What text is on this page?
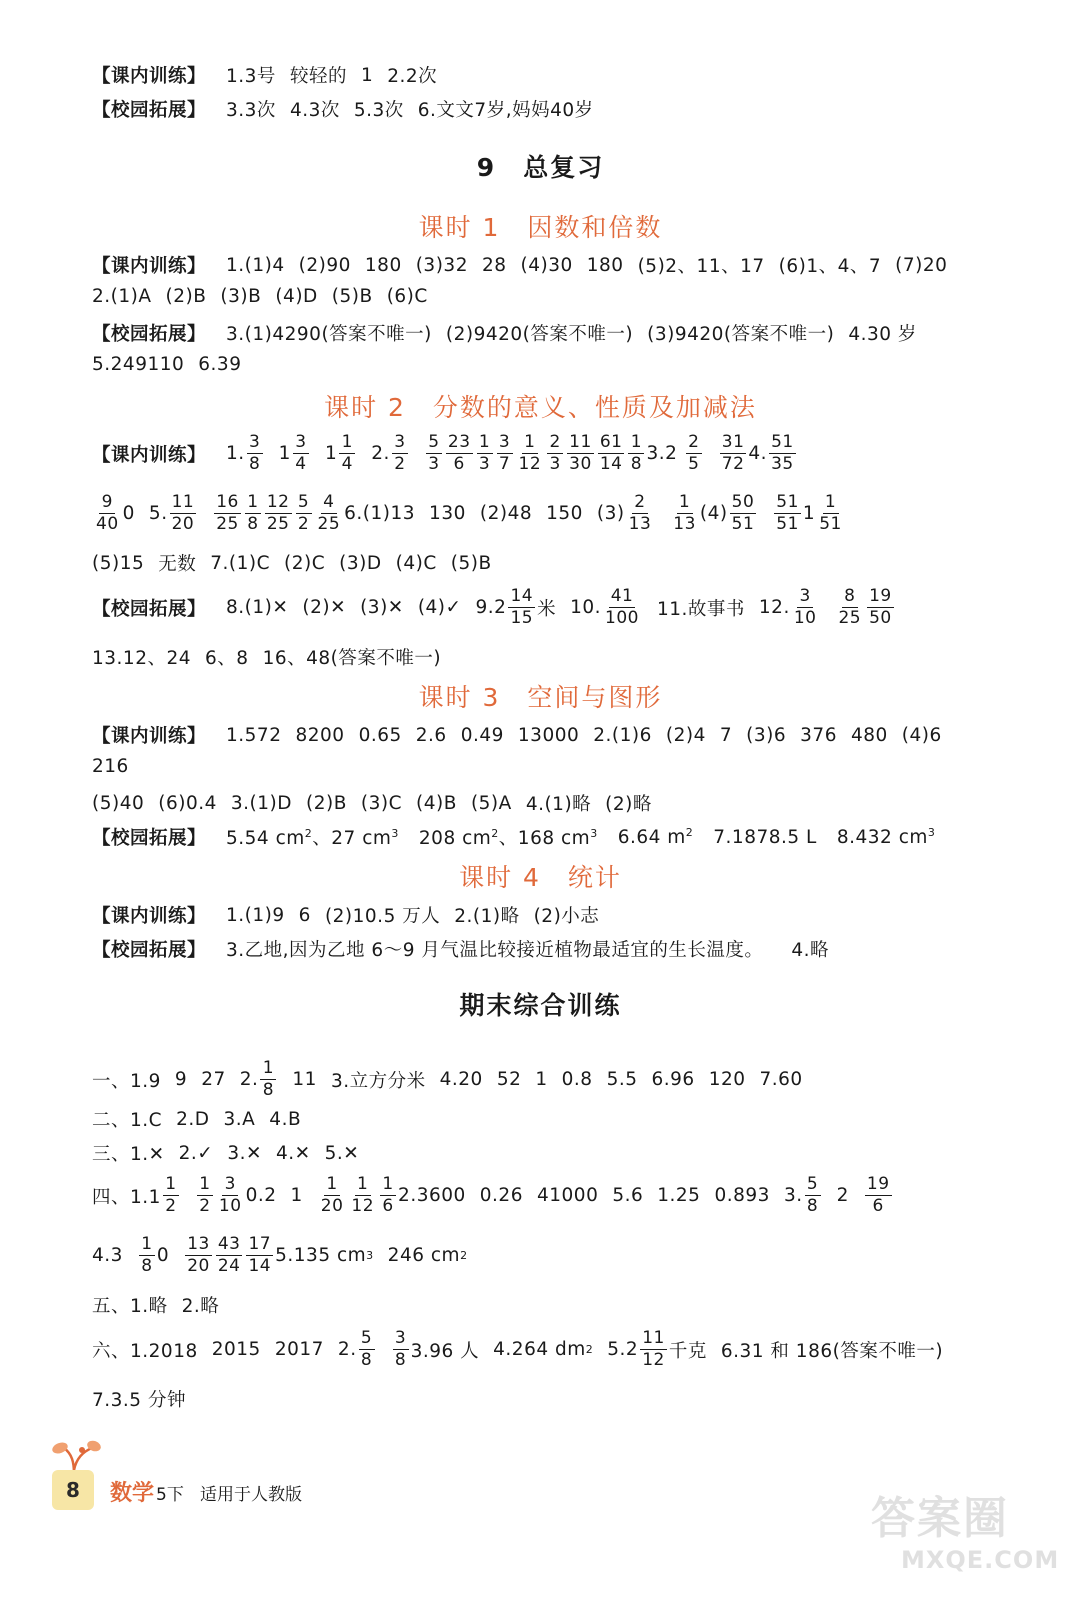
【课内训练】 1.3号 较轻的 1 2.2次
【校园拓展】 3.3次 4.3次 5.3次 6.文文7岁,妈妈40岁
9　总复习
课时 1　因数和倍数
【课内训练】 1.(1)4 (2)90 180 (3)32 28 (4)30 180 (5)2、11、17 (6)1、4、7 (7)20
2.(1)A (2)B (3)B (4)D (5)B (6)C
【校园拓展】 3.(1)4290(答案不唯一) (2)9420(答案不唯一) (3)9420(答案不唯一) 4.30 岁
5.249110 6.39
课时 2　分数的意义、性质及加减法
【课内训练】 1. $\frac{3}{8} 1 \frac{3}{4} 1 \frac{1}{4} 2$. $\frac{3}{2} \frac{5}{3} \frac{23}{6} \frac{1}{3} \frac{3}{7} \frac{1}{12} \frac{2}{3} \frac{11}{30} \frac{61}{14} \frac{1}{8} 3.2$
$\frac{2}{5} \frac{31}{72} 4$. $\frac{51}{35}$
$\frac{9}{40} 0$ 5. $\frac{11}{20} \frac{16}{25} \frac{1}{8} \frac{12}{25} \frac{5}{2} \frac{4}{25} 6.(1)13$ 130 (2)48 150 $(3) \frac{2}{13} \frac{1}{13} (4) \frac{50}{51} \frac{51}{51} 1 \frac{1}{51}$
(5)15 无数 7.(1)C (2)C (3)D (4)C (5)B
【校园拓展】 8.(1)✕ (2)✕ (3)✕ (4)✓ $9.2 \frac{14}{15}$ 米 10. $\frac{41}{100} 11$.故事书 12. $\frac{3}{10} \frac{8}{25} \frac{19}{50}$
13.12、24 6、8 16、48(答案不唯一)
课时 3　空间与图形
【课内训练】 1.572 8200 0.65 2.6 0.49 13000 2.(1)6 (2)4 7 (3)6 376 480 (4)6
216
(5)40 (6)0.4 3.(1)D (2)B (3)C (4)B (5)A 4.(1)略 (2)略
【校园拓展】 5.54 $cm^2$、27 $cm^3$ 208 $cm^2$、168 $cm^3$ 6.64 $m^2$ 7.1878.5 L 8.432 $cm^3$
课时 4　统计
【课内训练】 1.(1)9 6 (2)10.5 万人 2.(1)略 (2)小志
【校园拓展】 3.乙地,因为乙地 6～9 月气温比较接近植物最适宜的生长温度。 4.略
期末综合训练
一、1.9 9 27 2. $\frac{1}{8} 11$ 3.立方分米 4.20 52 1 0.8 5.5 6.96 120 7.60
二、1.C 2.D 3.A 4.B
三、1.✕ 2.✓ 3.✕ 4.✕ 5.✕
四、$1.1 \frac{1}{2} \frac{1}{2} \frac{3}{10} 0.2$ $1 \frac{1}{20} \frac{1}{12} \frac{1}{6} 2.3600$ 0.26 41000 5.6 1.25 0.893 3. $\frac{5}{8} 2 \frac{19}{6}$
$4.3 \frac{1}{8} 0 \frac{13}{20} \frac{43}{24} \frac{17}{14} 5.135$ cm 3 246 cm 2
五、1.略 2.略
六、1.2018 2015 2017 2. $\frac{5}{8} \frac{3}{8} 3.96$ 人 4.264 dm 2 $5.2 \frac{11}{12}$ 千克 6.31 和 186(答案不唯一)
7.3.5 分钟
8	数学 5下 适用于人教版	答案圈
MXQE.COM
